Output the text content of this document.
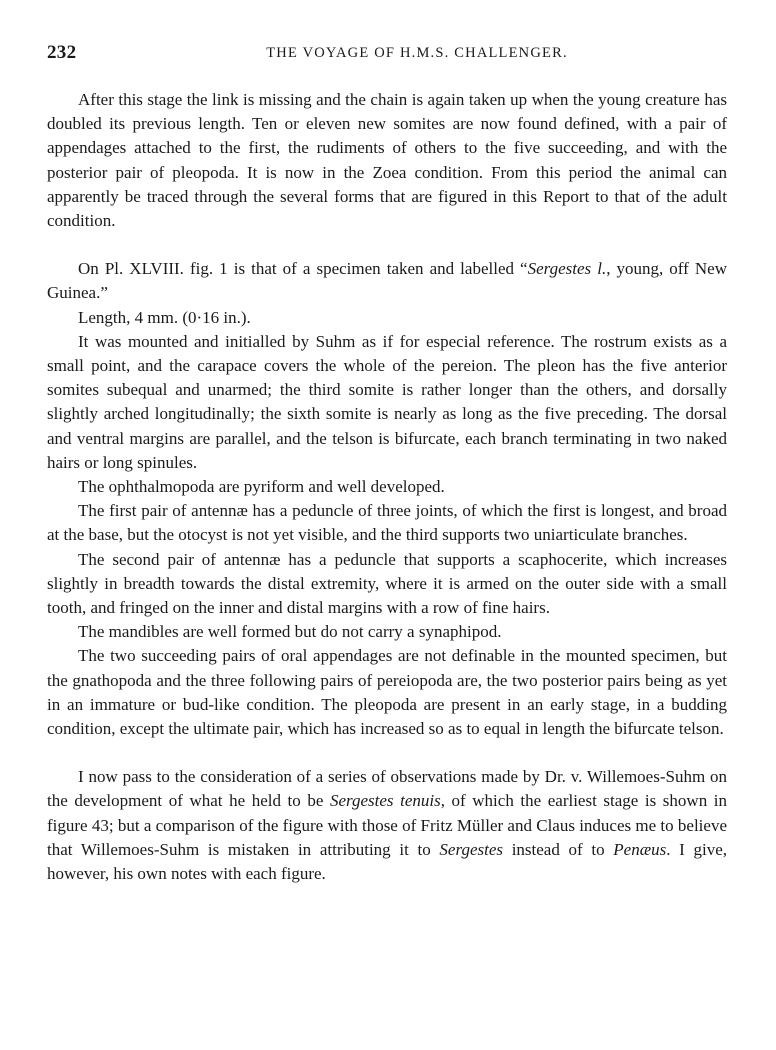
232	THE VOYAGE OF H.M.S. CHALLENGER.

After this stage the link is missing and the chain is again taken up when the young creature has doubled its previous length. Ten or eleven new somites are now found defined, with a pair of appendages attached to the first, the rudiments of others to the five succeeding, and with the posterior pair of pleopoda. It is now in the Zoea condition. From this period the animal can apparently be traced through the several forms that are figured in this Report to that of the adult condition.

On Pl. XLVIII. fig. 1 is that of a specimen taken and labelled “Sergestes l., young, off New Guinea.”

Length, 4 mm. (0·16 in.).

It was mounted and initialled by Suhm as if for especial reference. The rostrum exists as a small point, and the carapace covers the whole of the pereion. The pleon has the five anterior somites subequal and unarmed; the third somite is rather longer than the others, and dorsally slightly arched longitudinally; the sixth somite is nearly as long as the five preceding. The dorsal and ventral margins are parallel, and the telson is bifurcate, each branch terminating in two naked hairs or long spinules.

The ophthalmopoda are pyriform and well developed.

The first pair of antennæ has a peduncle of three joints, of which the first is longest, and broad at the base, but the otocyst is not yet visible, and the third supports two uniarticulate branches.

The second pair of antennæ has a peduncle that supports a scaphocerite, which increases slightly in breadth towards the distal extremity, where it is armed on the outer side with a small tooth, and fringed on the inner and distal margins with a row of fine hairs.

The mandibles are well formed but do not carry a synaphipod.

The two succeeding pairs of oral appendages are not definable in the mounted specimen, but the gnathopoda and the three following pairs of pereiopoda are, the two posterior pairs being as yet in an immature or bud-like condition. The pleopoda are present in an early stage, in a budding condition, except the ultimate pair, which has increased so as to equal in length the bifurcate telson.

I now pass to the consideration of a series of observations made by Dr. v. Willemoes-Suhm on the development of what he held to be Sergestes tenuis, of which the earliest stage is shown in figure 43; but a comparison of the figure with those of Fritz Müller and Claus induces me to believe that Willemoes-Suhm is mistaken in attributing it to Sergestes instead of to Penæus. I give, however, his own notes with each figure.
